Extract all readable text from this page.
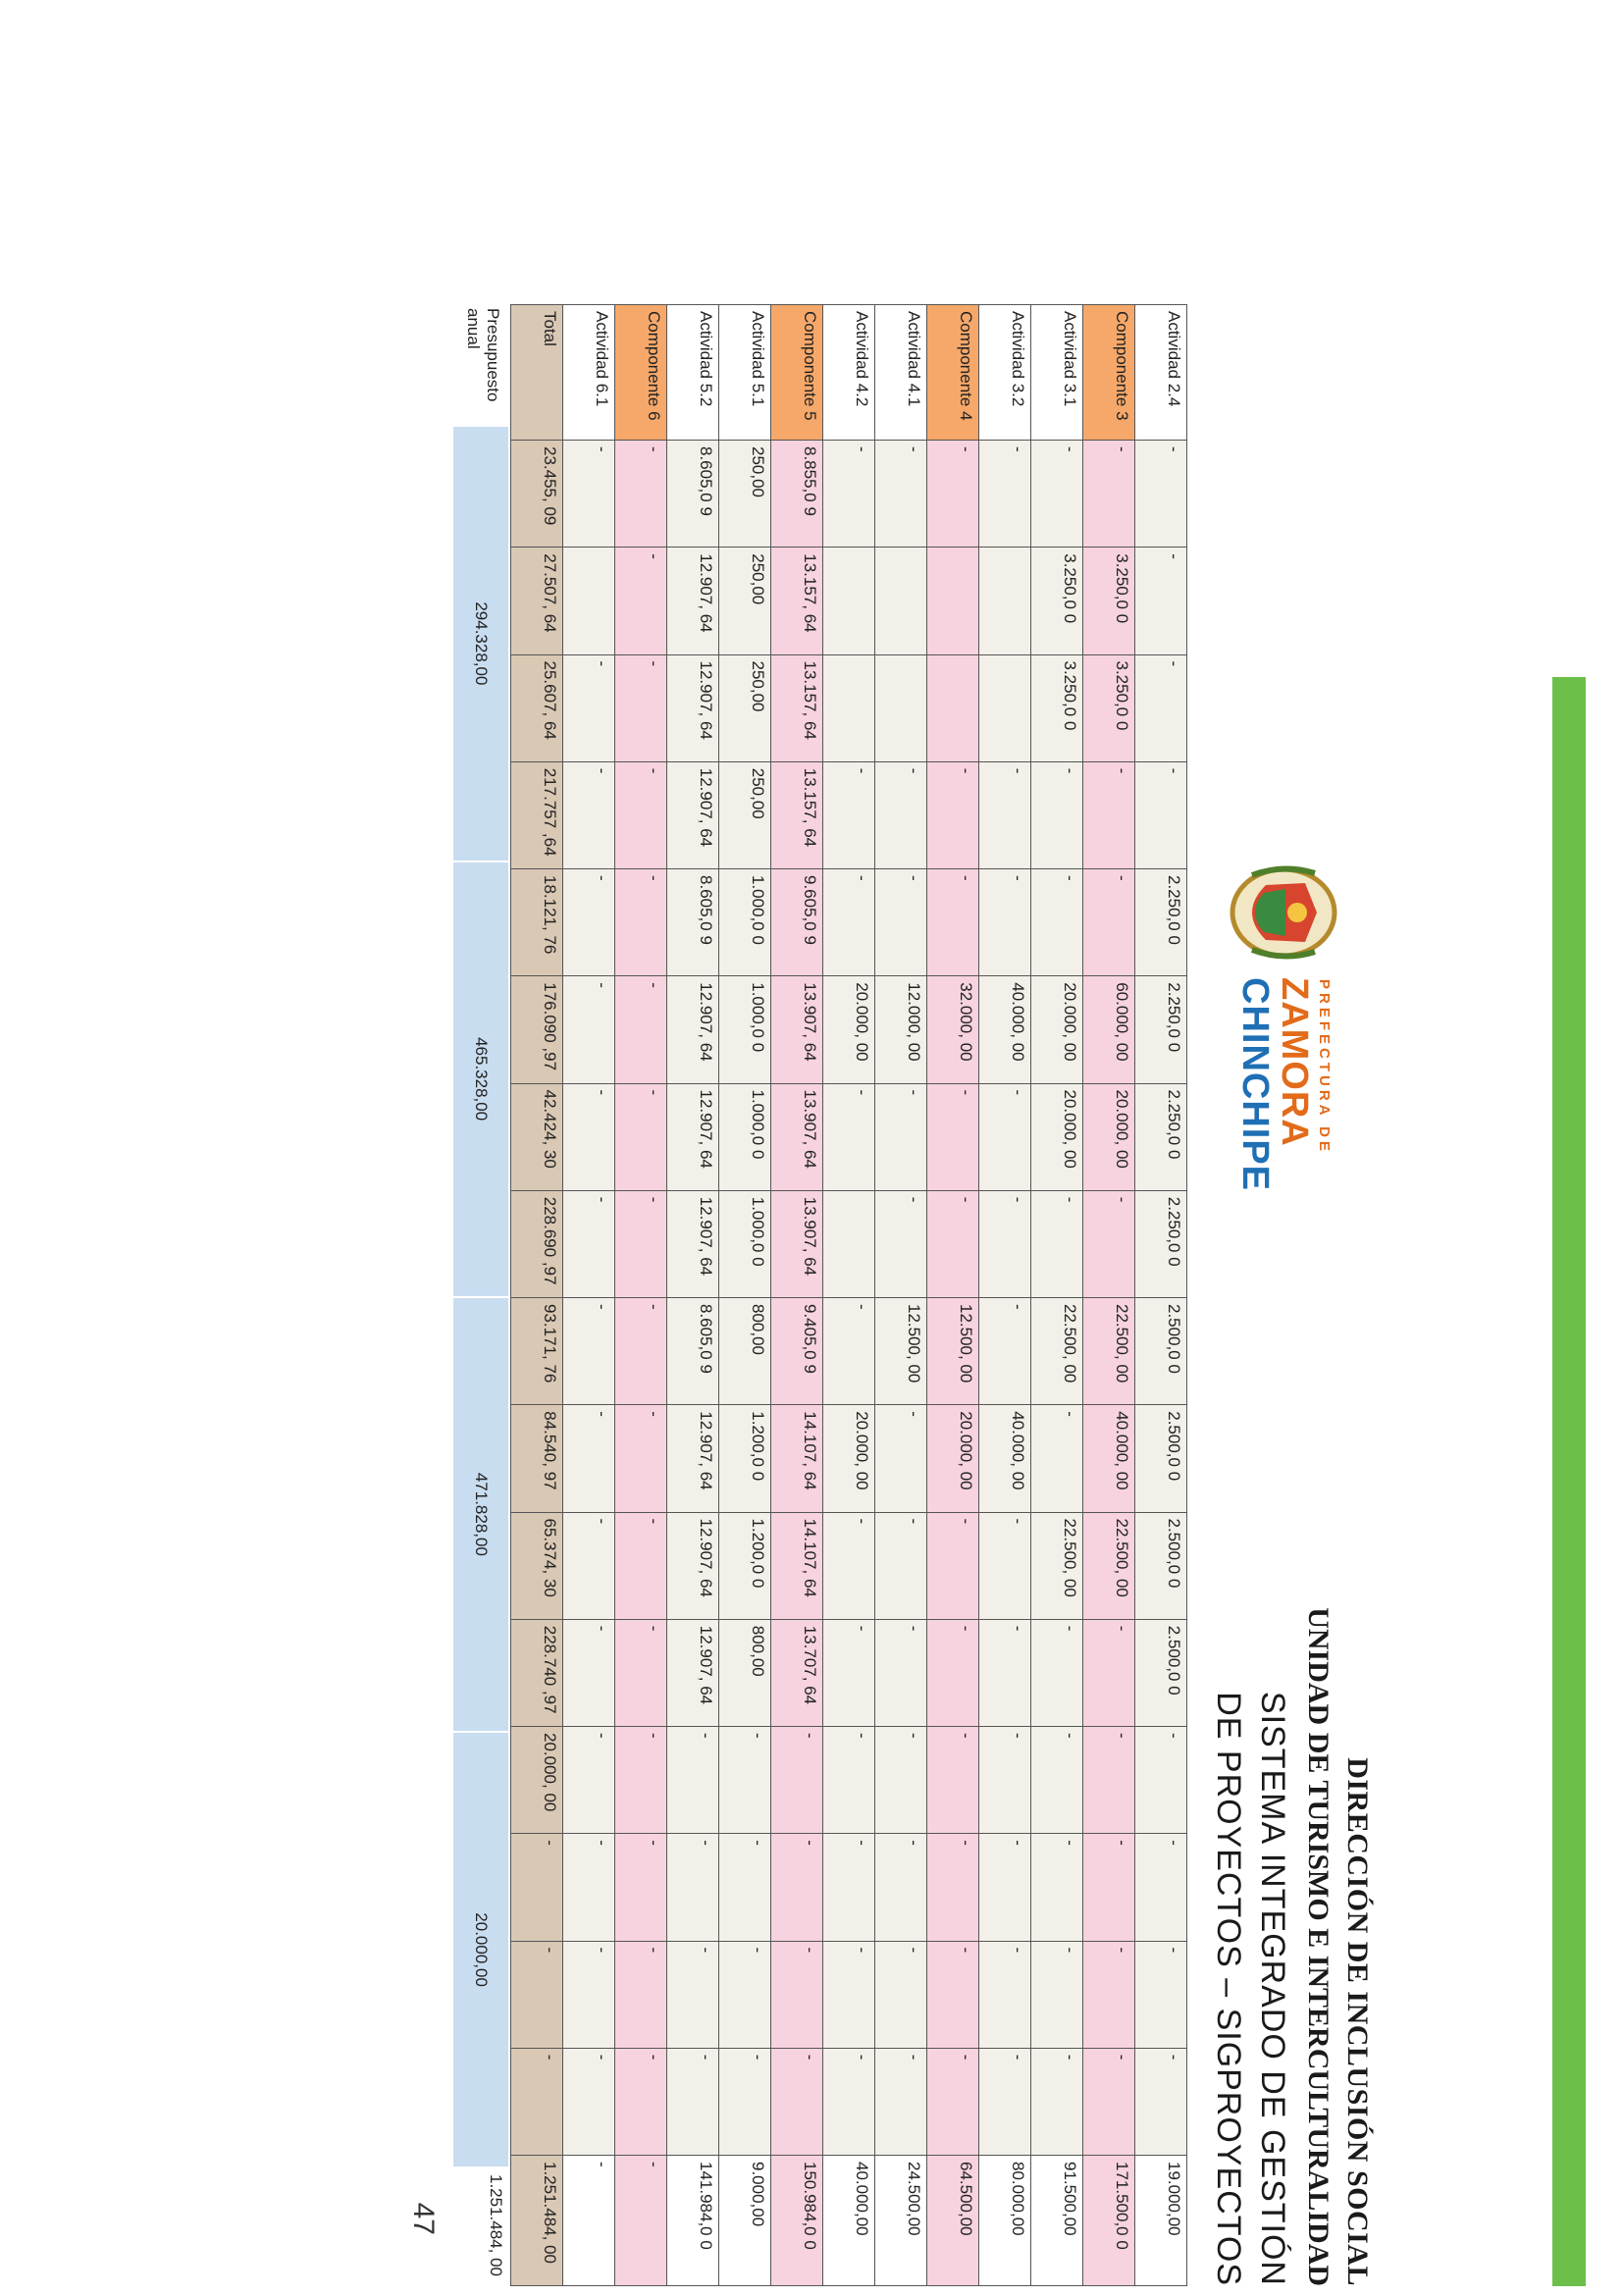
PREFECTURA DE
ZAMORA
CHINCHIPE
DIRECCIÓN DE INCLUSIÓN SOCIAL
UNIDAD DE TURISMO E INTERCULTURALIDAD
SISTEMA INTEGRADO DE GESTIÓN
DE PROYECTOS – SIGPROYECTOS
Actividad 2.4	-	-	-	-	2.250,0 0	2.250,0 0	2.250,0 0	2.250,0 0	2.500,0 0	2.500,0 0	2.500,0 0	2.500,0 0	-	-	-	-	19.000,00
Componente 3	-	3.250,0 0	3.250,0 0	-	-	60.000, 00	20.000, 00	-	22.500, 00	40.000, 00	22.500, 00	-	-	-	-	-	171.500,0 0
Actividad 3.1	-	3.250,0 0	3.250,0 0	-	-	20.000, 00	20.000, 00	-	22.500, 00	-	22.500, 00	-	-	-	-	-	91.500,00
Actividad 3.2	-			-	-	40.000, 00	-	-	-	40.000, 00	-	-	-	-	-	-	80.000,00
Componente 4	-			-	-	32.000, 00	-	-	12.500, 00	20.000, 00	-	-	-	-	-	-	64.500,00
Actividad 4.1	-			-	-	12.000, 00	-	-	12.500, 00	-	-	-	-	-	-	-	24.500,00
Actividad 4.2	-			-	-	20.000, 00	-		-	20.000, 00	-	-	-	-	-	-	40.000,00
Componente 5	8.855,0 9	13.157, 64	13.157, 64	13.157, 64	9.605,0 9	13.907, 64	13.907, 64	13.907, 64	9.405,0 9	14.107, 64	14.107, 64	13.707, 64	-	-	-	-	150.984,0 0
Actividad 5.1	250,00	250,00	250,00	250,00	1.000,0 0	1.000,0 0	1.000,0 0	1.000,0 0	800,00	1.200,0 0	1.200,0 0	800,00	-	-	-	-	9.000,00
Actividad 5.2	8.605,0 9	12.907, 64	12.907, 64	12.907, 64	8.605,0 9	12.907, 64	12.907, 64	12.907, 64	8.605,0 9	12.907, 64	12.907, 64	12.907, 64	-	-	-	-	141.984,0 0
Componente 6	-	-	-	-	-	-	-	-	-	-	-	-	-	-	-	-	-
Actividad 6.1	-		-	-	-	-	-	-	-	-	-	-	-	-	-	-	-
Total	23.455, 09	27.507, 64	25.607, 64	217.757 ,64	18.121, 76	176.090 ,97	42.424, 30	228.690 ,97	93.171, 76	84.540, 97	65.374, 30	228.740 ,97	20.000, 00	-	-	-	1.251.484, 00
Presupuesto anual
294.328,00
465.328,00
471.828,00
20.000,00
1.251.484, 00
47
